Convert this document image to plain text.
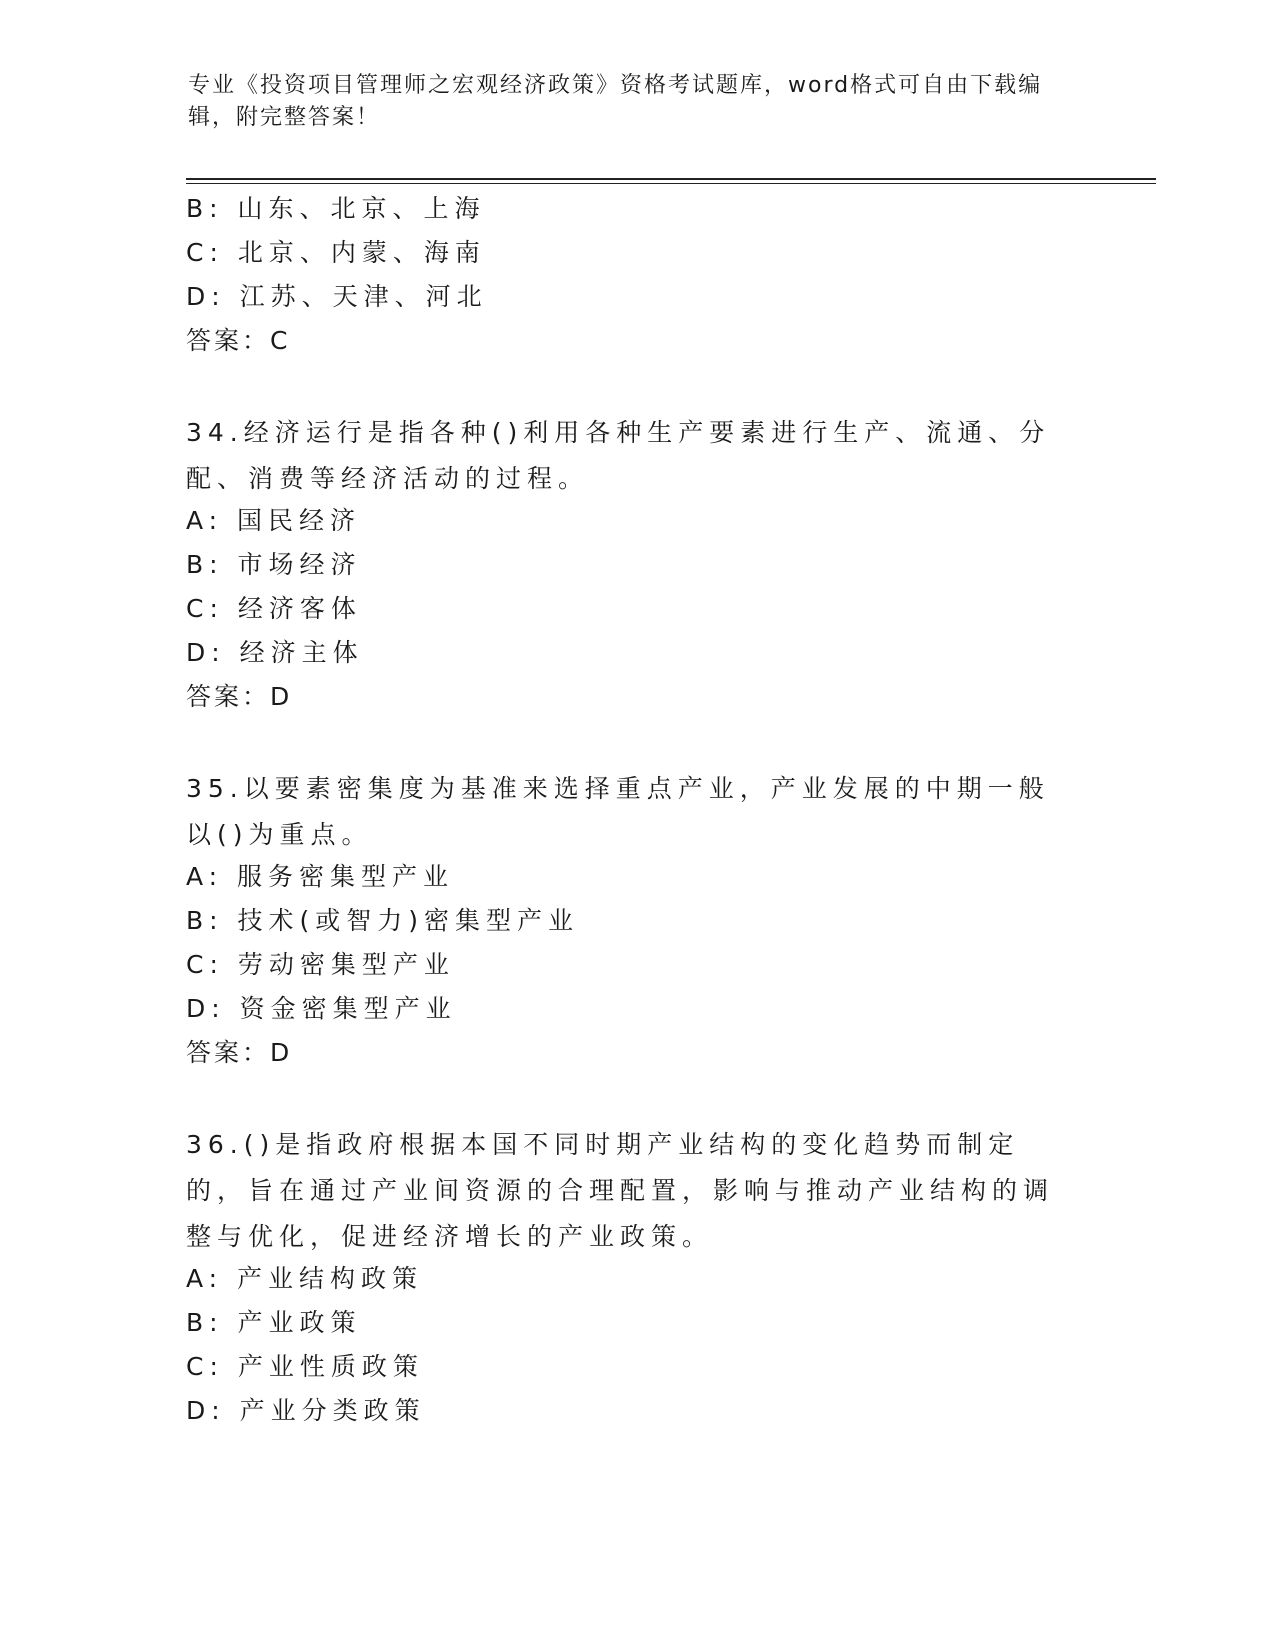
专业《投资项目管理师之宏观经济政策》资格考试题库，word格式可自由下载编辑，附完整答案！
B: 山东、北京、上海
C: 北京、内蒙、海南
D: 江苏、天津、河北
答案：C
34.经济运行是指各种()利用各种生产要素进行生产、流通、分配、消费等经济活动的过程。
A: 国民经济
B: 市场经济
C: 经济客体
D: 经济主体
答案：D
35.以要素密集度为基准来选择重点产业，产业发展的中期一般以()为重点。
A: 服务密集型产业
B: 技术(或智力)密集型产业
C: 劳动密集型产业
D: 资金密集型产业
答案：D
36.()是指政府根据本国不同时期产业结构的变化趋势而制定的，旨在通过产业间资源的合理配置，影响与推动产业结构的调整与优化，促进经济增长的产业政策。
A: 产业结构政策
B: 产业政策
C: 产业性质政策
D: 产业分类政策
